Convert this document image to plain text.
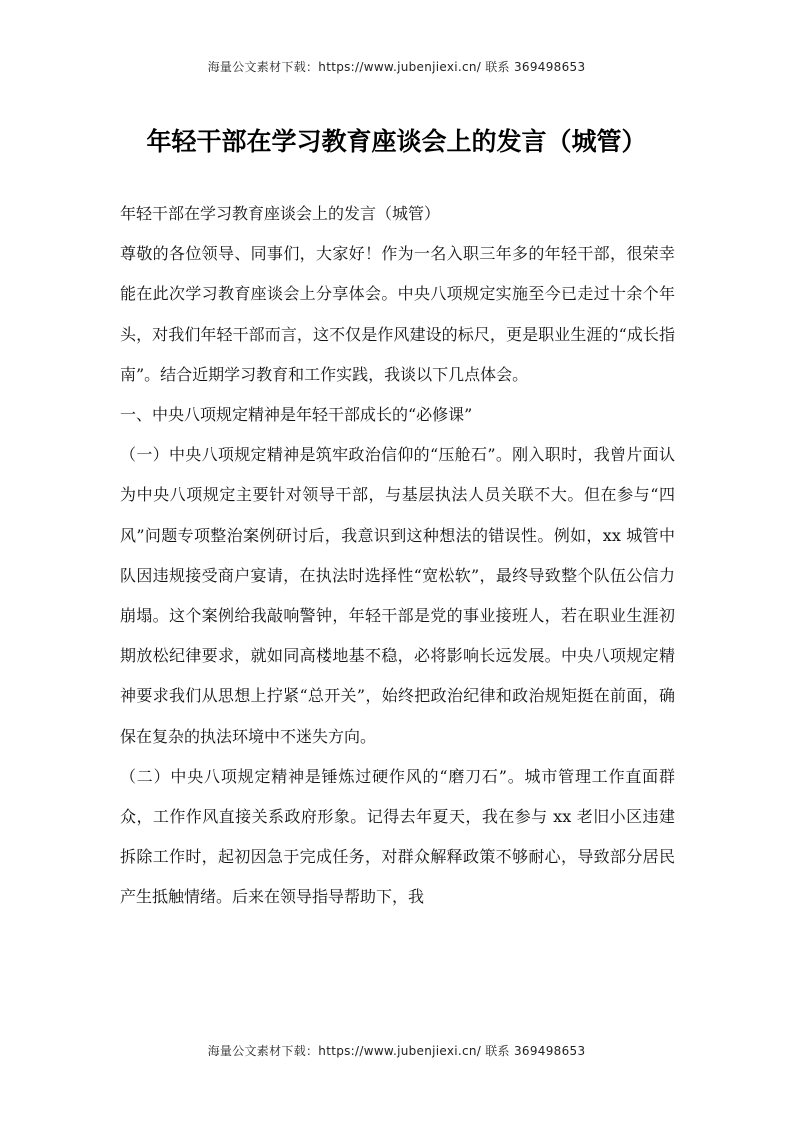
海量公文素材下载：https://www.jubenjiexi.cn/ 联系 369498653
年轻干部在学习教育座谈会上的发言（城管）

年轻干部在学习教育座谈会上的发言（城管）

尊敬的各位领导、同事们，大家好！作为一名入职三年多的年轻干部，很荣幸能在此次学习教育座谈会上分享体会。中央八项规定实施至今已走过十余个年头，对我们年轻干部而言，这不仅是作风建设的标尺，更是职业生涯的“成长指南”。结合近期学习教育和工作实践，我谈以下几点体会。

一、中央八项规定精神是年轻干部成长的“必修课”

（一）中央八项规定精神是筑牢政治信仰的“压舱石”。刚入职时，我曾片面认为中央八项规定主要针对领导干部，与基层执法人员关联不大。但在参与“四风”问题专项整治案例研讨后，我意识到这种想法的错误性。例如，xx 城管中队因违规接受商户宴请，在执法时选择性“宽松软”，最终导致整个队伍公信力崩塌。这个案例给我敲响警钟，年轻干部是党的事业接班人，若在职业生涯初期放松纪律要求，就如同高楼地基不稳，必将影响长远发展。中央八项规定精神要求我们从思想上拧紧“总开关”，始终把政治纪律和政治规矩挺在前面，确保在复杂的执法环境中不迷失方向。

（二）中央八项规定精神是锤炼过硬作风的“磨刀石”。城市管理工作直面群众，工作作风直接关系政府形象。记得去年夏天，我在参与 xx 老旧小区违建拆除工作时，起初因急于完成任务，对群众解释政策不够耐心，导致部分居民产生抵触情绪。后来在领导指导帮助下，我

海量公文素材下载：https://www.jubenjiexi.cn/ 联系 369498653
